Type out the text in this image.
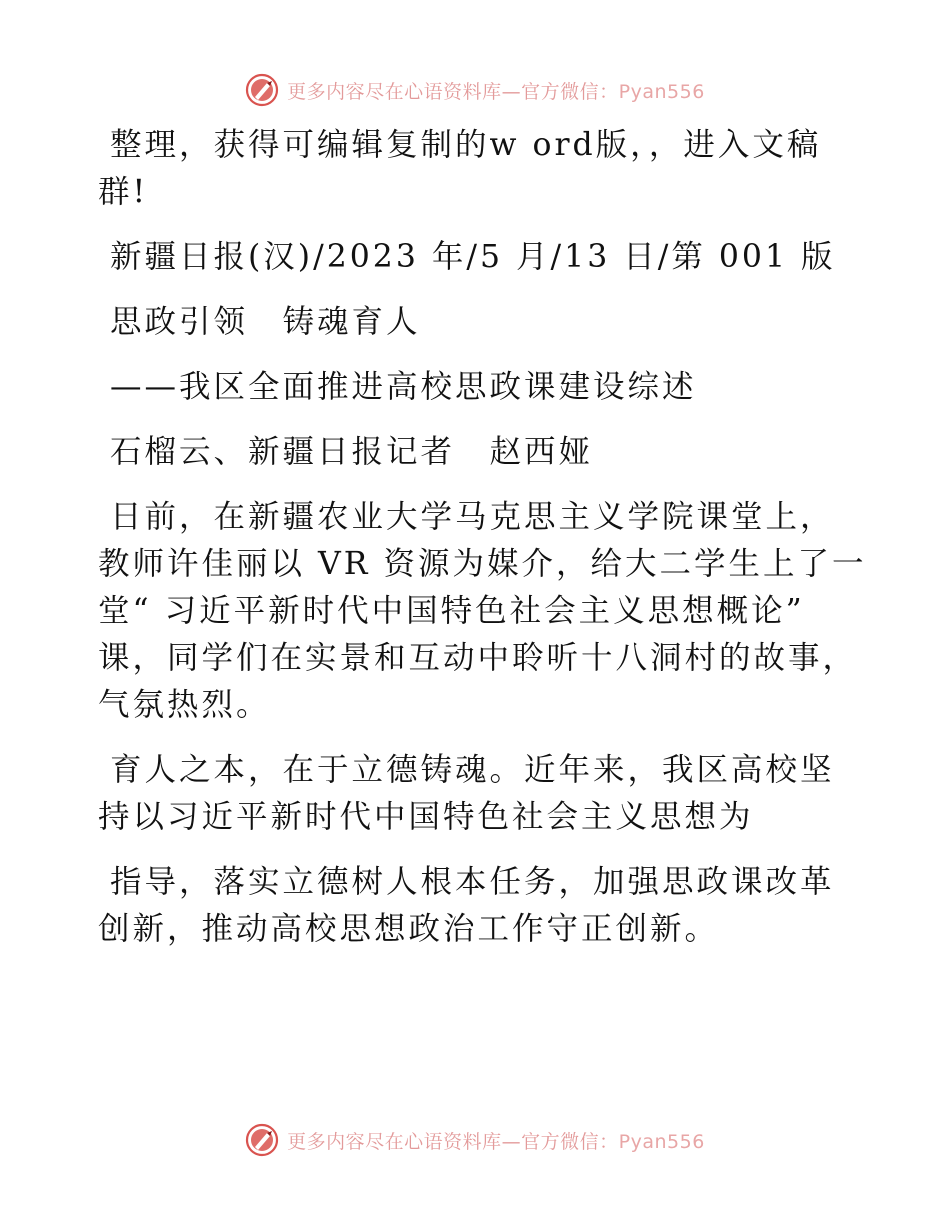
更多内容尽在心语资料库—官方微信：Pyan556
整理，获得可编辑复制的w ord版，，进入文稿
群!
新疆日报(汉)/2023 年/5 月/13 日/第 001 版
思政引领　铸魂育人
——我区全面推进高校思政课建设综述
石榴云、新疆日报记者　赵西娅
日前，在新疆农业大学马克思主义学院课堂上，
教师许佳丽以 VR 资源为媒介，给大二学生上了一
堂“ 习近平新时代中国特色社会主义思想概论”
课，同学们在实景和互动中聆听十八洞村的故事，
气氛热烈。
育人之本，在于立德铸魂。近年来，我区高校坚
持以习近平新时代中国特色社会主义思想为
指导，落实立德树人根本任务，加强思政课改革
创新，推动高校思想政治工作守正创新。
更多内容尽在心语资料库—官方微信：Pyan556
